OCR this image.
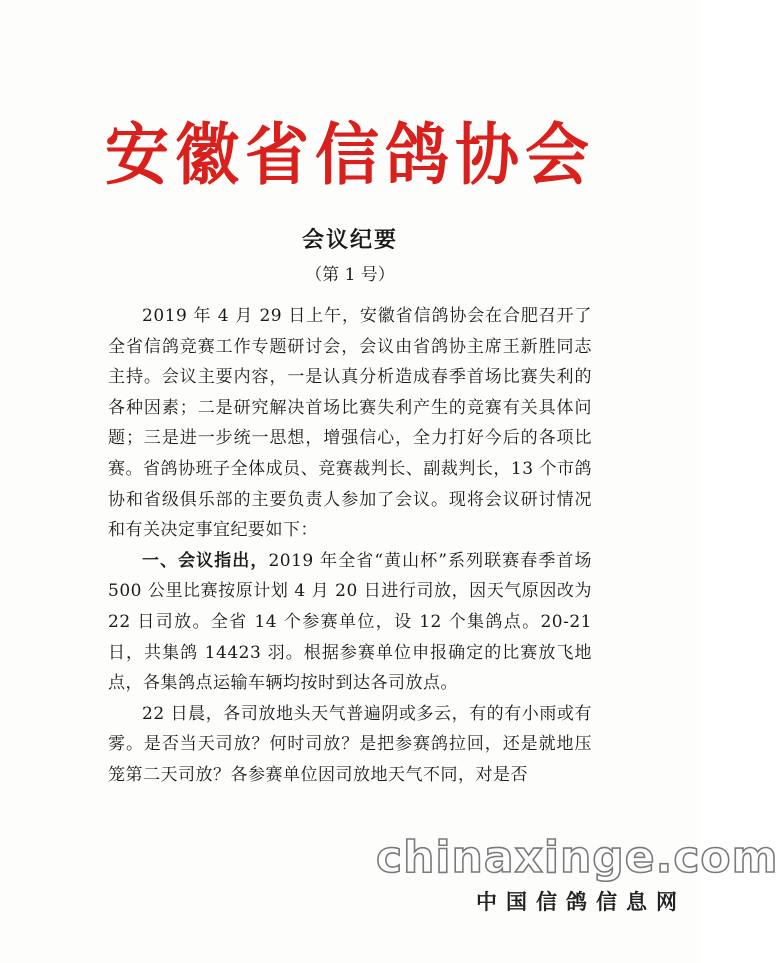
安徽省信鸽协会
会议纪要
（第 1 号）

2019 年 4 月 29 日上午，安徽省信鸽协会在合肥召开了全省信鸽竞赛工作专题研讨会，会议由省鸽协主席王新胜同志主持。会议主要内容，一是认真分析造成春季首场比赛失利的各种因素；二是研究解决首场比赛失利产生的竞赛有关具体问题；三是进一步统一思想，增强信心，全力打好今后的各项比赛。省鸽协班子全体成员、竞赛裁判长、副裁判长，13 个市鸽协和省级俱乐部的主要负责人参加了会议。现将会议研讨情况和有关决定事宜纪要如下：

一、会议指出，2019 年全省“黄山杯”系列联赛春季首场 500 公里比赛按原计划 4 月 20 日进行司放，因天气原因改为 22 日司放。全省 14 个参赛单位，设 12 个集鸽点。20-21 日，共集鸽 14423 羽。根据参赛单位申报确定的比赛放飞地点，各集鸽点运输车辆均按时到达各司放点。

22 日晨，各司放地头天气普遍阴或多云，有的有小雨或有雾。是否当天司放？何时司放？是把参赛鸽拉回，还是就地压笼第二天司放？各参赛单位因司放地天气不同，对是否

chinaxinge.com
中国信鸽信息网
